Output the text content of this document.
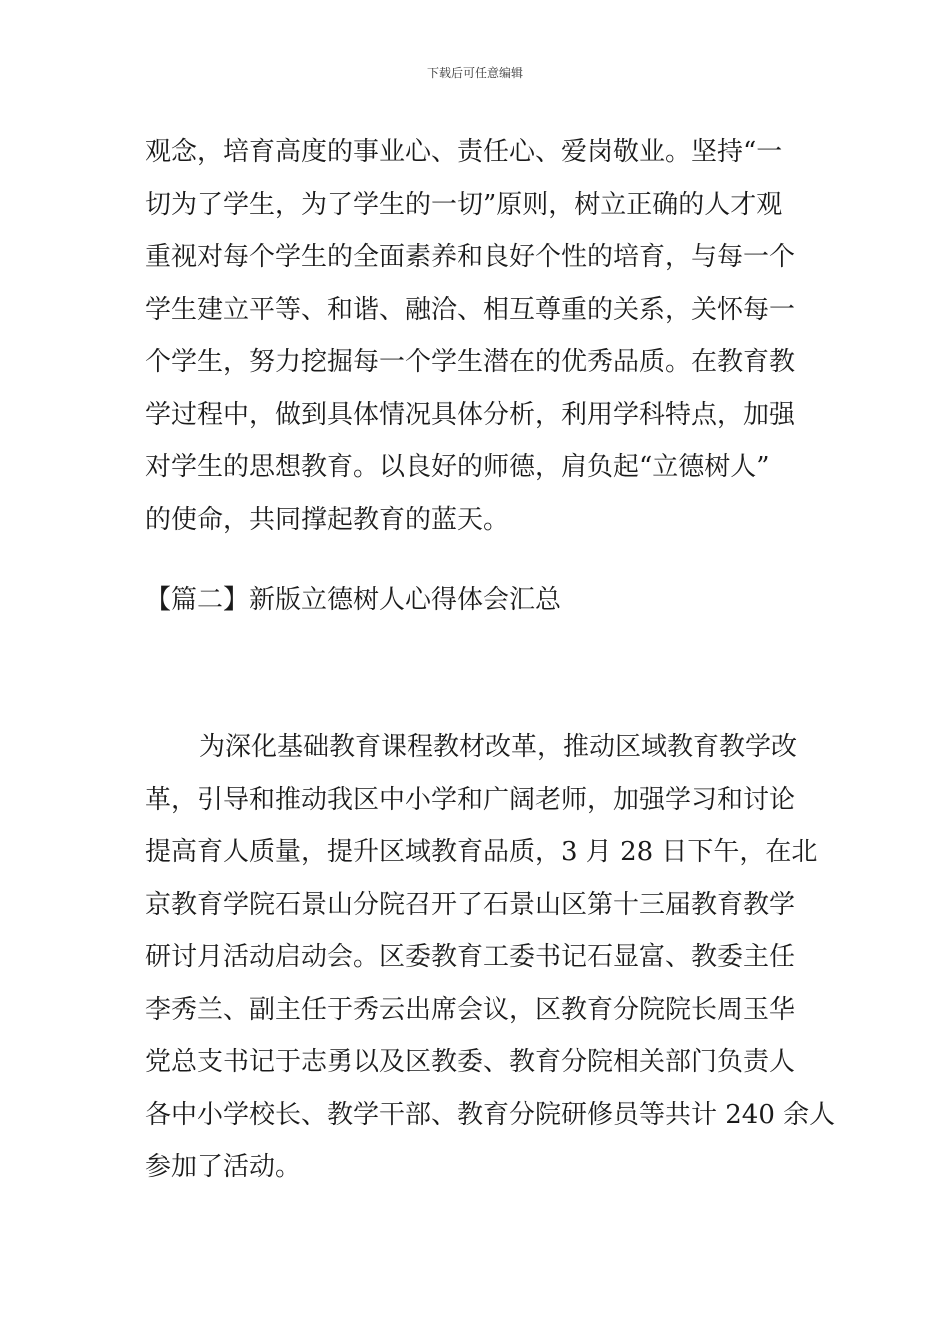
下载后可任意编辑
观念，培育高度的事业心、责任心、爱岗敬业。坚持“一
切为了学生，为了学生的一切”原则，树立正确的人才观
重视对每个学生的全面素养和良好个性的培育，与每一个
学生建立平等、和谐、融洽、相互尊重的关系，关怀每一
个学生，努力挖掘每一个学生潜在的优秀品质。在教育教
学过程中，做到具体情况具体分析，利用学科特点，加强
对学生的思想教育。以良好的师德，肩负起“立德树人”
的使命，共同撑起教育的蓝天。
【篇二】新版立德树人心得体会汇总
为深化基础教育课程教材改革，推动区域教育教学改
革，引导和推动我区中小学和广阔老师，加强学习和讨论
提高育人质量，提升区域教育品质，3 月 28 日下午，在北
京教育学院石景山分院召开了石景山区第十三届教育教学
研讨月活动启动会。区委教育工委书记石显富、教委主任
李秀兰、副主任于秀云出席会议，区教育分院院长周玉华
党总支书记于志勇以及区教委、教育分院相关部门负责人
各中小学校长、教学干部、教育分院研修员等共计 240 余人
参加了活动。
